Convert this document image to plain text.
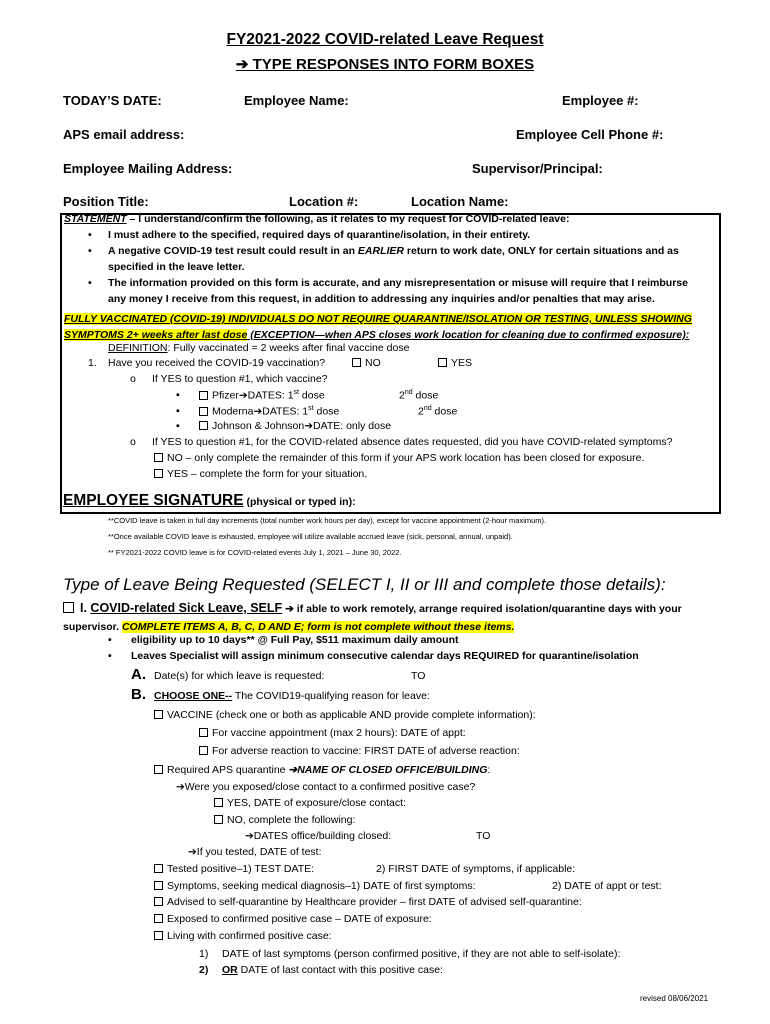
FY2021-2022 COVID-related Leave Request
➔ TYPE RESPONSES INTO FORM BOXES
TODAY’S DATE:	Employee Name:	Employee #:
APS email address:	Employee Cell Phone #:
Employee Mailing Address:	Supervisor/Principal:
Position Title:	Location #:	Location Name:
STATEMENT – I understand/confirm the following, as it relates to my request for COVID-related leave:
• I must adhere to the specified, required days of quarantine/isolation, in their entirety.
• A negative COVID-19 test result could result in an EARLIER return to work date, ONLY for certain situations and as
specified in the leave letter.
• The information provided on this form is accurate, and any misrepresentation or misuse will require that I reimburse
any money I receive from this request, in addition to addressing any inquiries and/or penalties that may arise.
FULLY VACCINATED (COVID-19) INDIVIDUALS DO NOT REQUIRE QUARANTINE/ISOLATION OR TESTING, UNLESS SHOWING
SYMPTOMS 2+ weeks after last dose (EXCEPTION—when APS closes work location for cleaning due to confirmed exposure):
DEFINITION: Fully vaccinated = 2 weeks after final vaccine dose
1. Have you received the COVID-19 vaccination?	NO	YES
o If YES to question #1, which vaccine?
▪	Pfizer➔DATES: 1st dose	2nd dose
▪	Moderna➔DATES: 1st dose	2nd dose
▪	Johnson & Johnson➔DATE: only dose
o If YES to question #1, for the COVID-related absence dates requested, did you have COVID-related symptoms?
NO – only complete the remainder of this form if your APS work location has been closed for exposure.
YES – complete the form for your situation.
EMPLOYEE SIGNATURE (physical or typed in):
**COVID leave is taken in full day increments (total number work hours per day), except for vaccine appointment (2-hour maximum).
**Once available COVID leave is exhausted, employee will utilize available accrued leave (sick, personal, annual, unpaid).
** FY2021-2022 COVID leave is for COVID-related events July 1, 2021 – June 30, 2022.
Type of Leave Being Requested (SELECT I, II or III and complete those details):
I. COVID-related Sick Leave, SELF ➔ if able to work remotely, arrange required isolation/quarantine days with your
supervisor. COMPLETE ITEMS A, B, C, D AND E; form is not complete without these items.
• eligibility up to 10 days** @ Full Pay, $511 maximum daily amount
• Leaves Specialist will assign minimum consecutive calendar days REQUIRED for quarantine/isolation
A. Date(s) for which leave is requested:	TO
B. CHOOSE ONE-- The COVID19-qualifying reason for leave:
VACCINE (check one or both as applicable AND provide complete information):
For vaccine appointment (max 2 hours): DATE of appt:
For adverse reaction to vaccine: FIRST DATE of adverse reaction:
Required APS quarantine ➔NAME OF CLOSED OFFICE/BUILDING:
➔Were you exposed/close contact to a confirmed positive case?
YES, DATE of exposure/close contact:
NO, complete the following:
➔DATES office/building closed:	TO
➔If you tested, DATE of test:
Tested positive–1) TEST DATE:	2) FIRST DATE of symptoms, if applicable:
Symptoms, seeking medical diagnosis–1) DATE of first symptoms:	2) DATE of appt or test:
Advised to self-quarantine by Healthcare provider – first DATE of advised self-quarantine:
Exposed to confirmed positive case – DATE of exposure:
Living with confirmed positive case:
1) DATE of last symptoms (person confirmed positive, if they are not able to self-isolate):
2) OR DATE of last contact with this positive case:
revised 08/06/2021
